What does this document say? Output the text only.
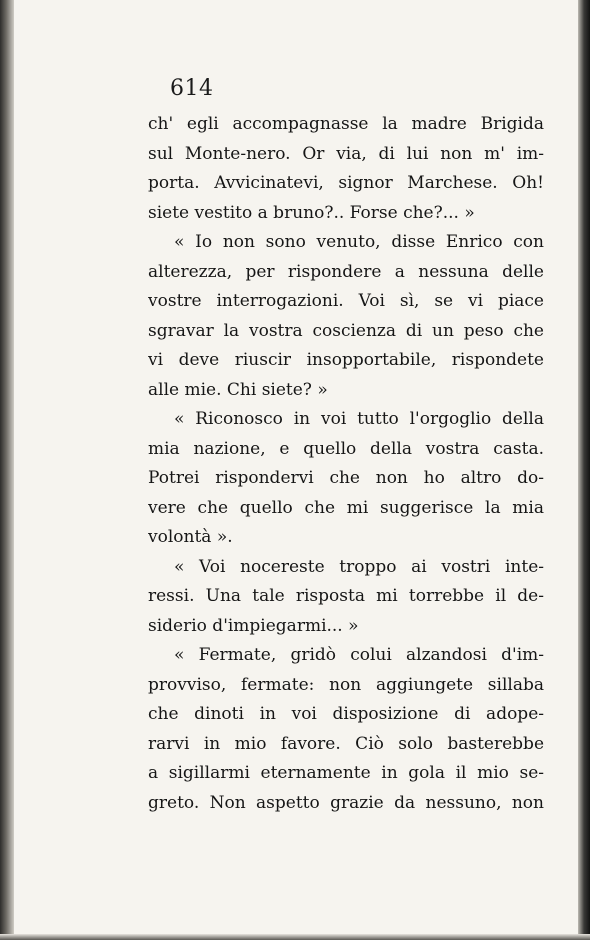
614
ch' egli accompagnasse la madre Brigida
sul Monte-nero. Or via, di lui non m' im-
porta. Avvicinatevi, signor Marchese. Oh!
siete vestito a bruno?.. Forse che?... »
« Io non sono venuto, disse Enrico con
alterezza, per rispondere a nessuna delle
vostre interrogazioni. Voi sì, se vi piace
sgravar la vostra coscienza di un peso che
vi deve riuscir insopportabile, rispondete
alle mie. Chi siete? »
« Riconosco in voi tutto l'orgoglio della
mia nazione, e quello della vostra casta.
Potrei rispondervi che non ho altro do-
vere che quello che mi suggerisce la mia
volontà ».
« Voi nocereste troppo ai vostri inte-
ressi. Una tale risposta mi torrebbe il de-
siderio d'impiegarmi... »
« Fermate, gridò colui alzandosi d'im-
provviso, fermate: non aggiungete sillaba
che dinoti in voi disposizione di adope-
rarvi in mio favore. Ciò solo basterebbe
a sigillarmi eternamente in gola il mio se-
greto. Non aspetto grazie da nessuno, non
